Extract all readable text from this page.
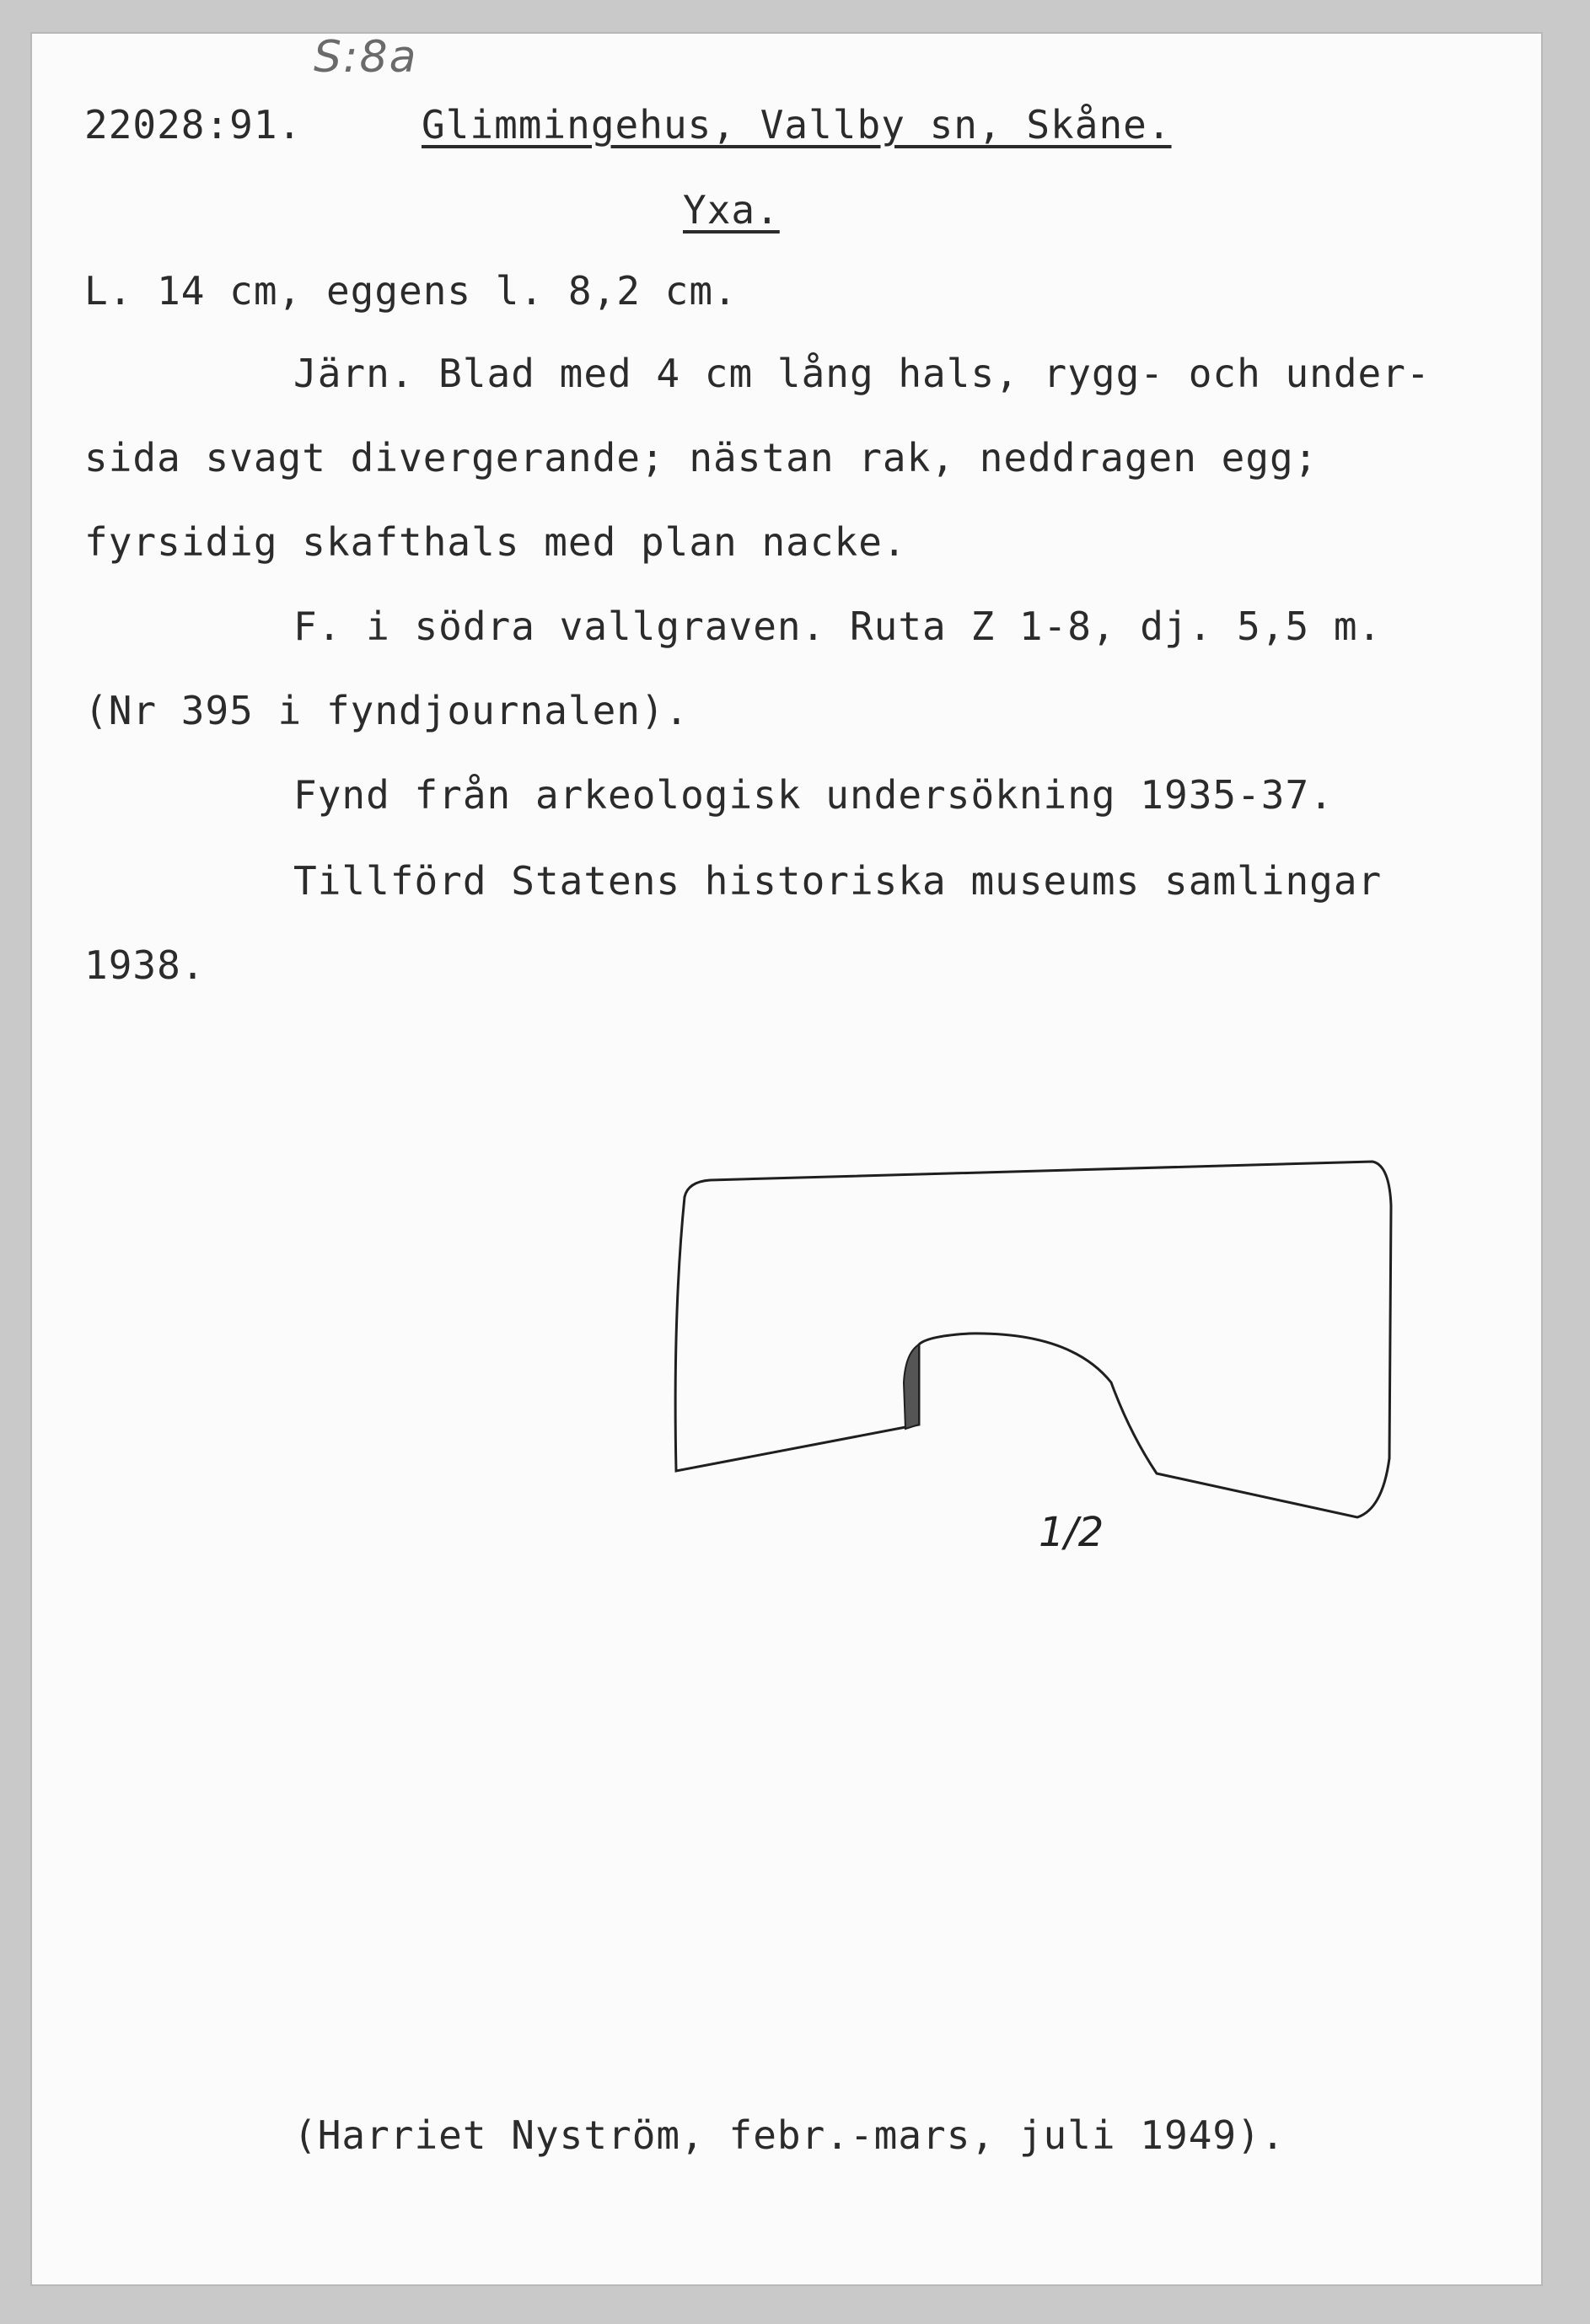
S:8a
22028:91.	Glimmingehus, Vallby sn, Skåne.
Yxa.
L. 14 cm, eggens l. 8,2 cm.
Järn. Blad med 4 cm lång hals, rygg- och under-
sida svagt divergerande; nästan rak, neddragen egg;
fyrsidig skafthals med plan nacke.
F. i södra vallgraven. Ruta Z 1-8, dj. 5,5 m.
(Nr 395 i fyndjournalen).
Fynd från arkeologisk undersökning 1935-37.
Tillförd Statens historiska museums samlingar
1938.
1/2
(Harriet Nyström, febr.-mars, juli 1949).
